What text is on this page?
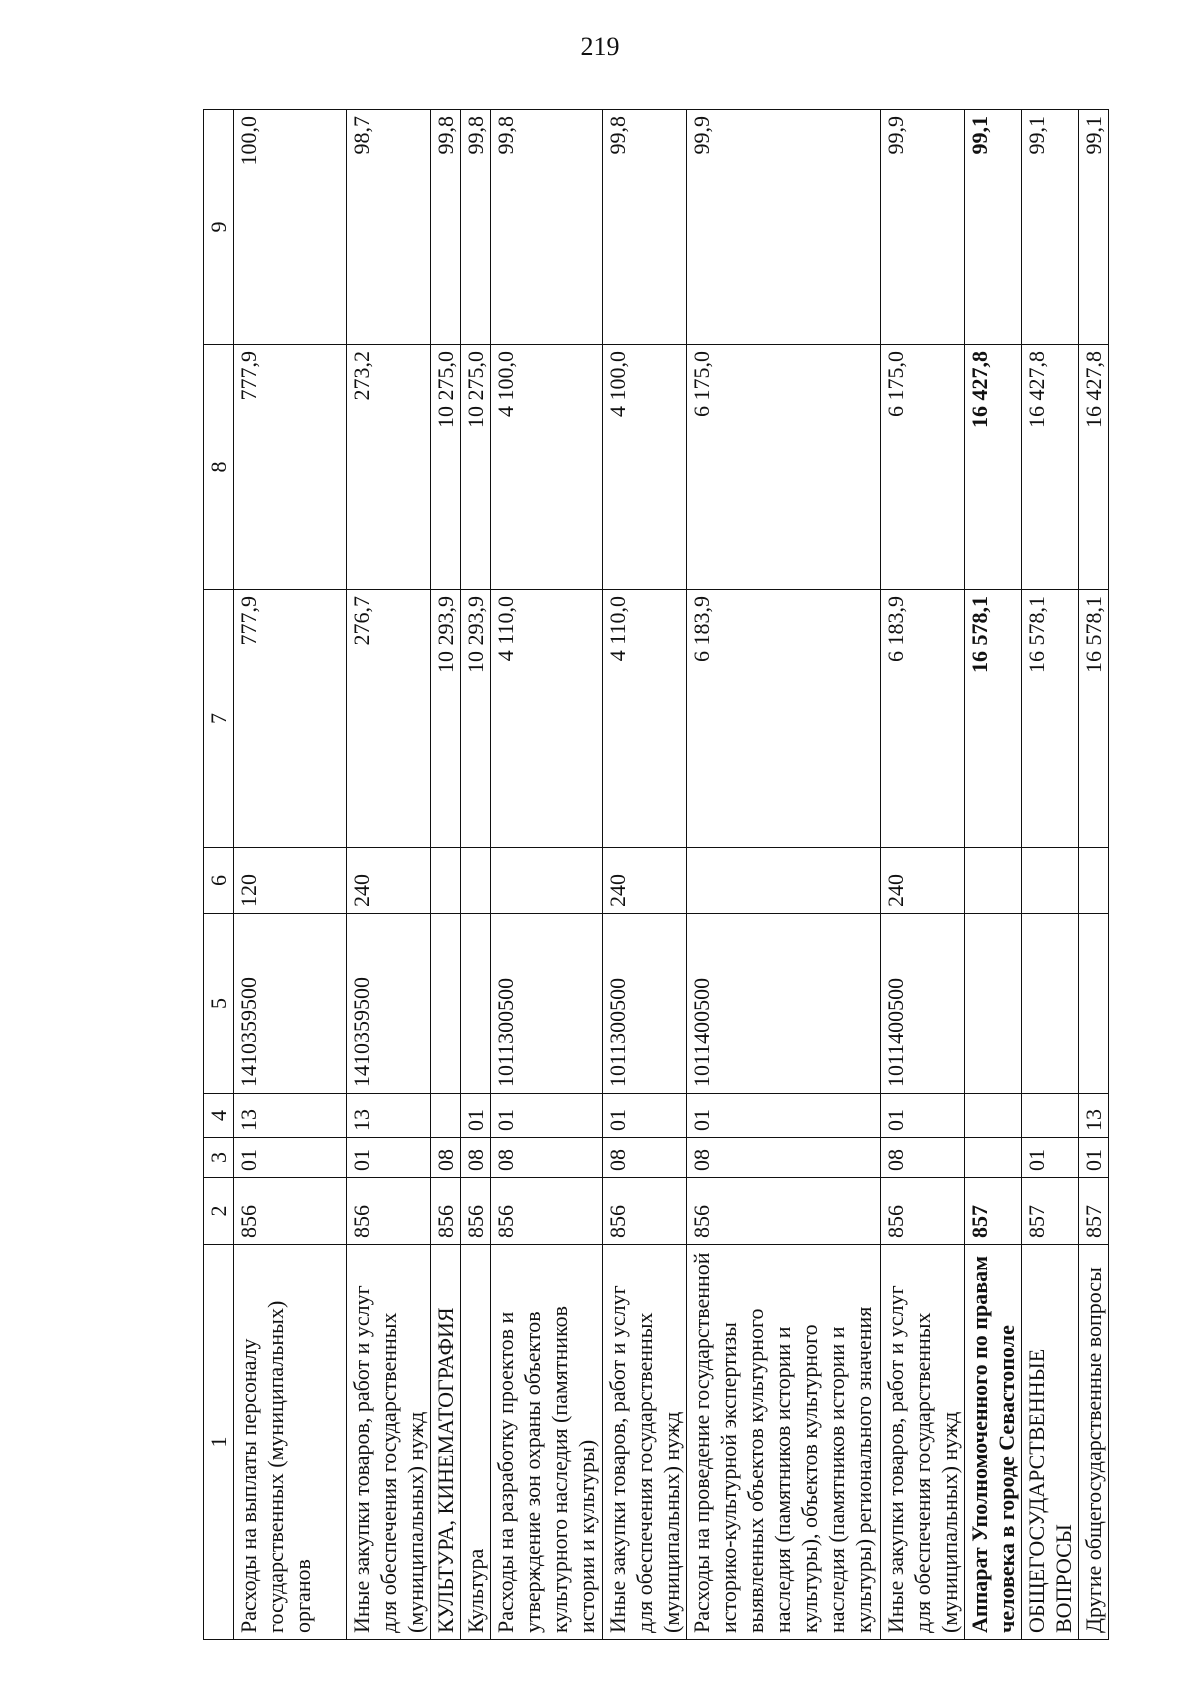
219
1	2	3	4	5	6	7	8	9
Расходы на выплаты персоналу государственных (муниципальных) органов	856	01	13	1410359500	120	777,9	777,9	100,0
Иные закупки товаров, работ и услуг для обеспечения государственных (муниципальных) нужд	856	01	13	1410359500	240	276,7	273,2	98,7
КУЛЬТУРА, КИНЕМАТОГРАФИЯ	856	08				10 293,9	10 275,0	99,8
Культура	856	08	01			10 293,9	10 275,0	99,8
Расходы на разработку проектов и утверждение зон охраны объектов культурного наследия (памятников истории и культуры)	856	08	01	1011300500		4 110,0	4 100,0	99,8
Иные закупки товаров, работ и услуг для обеспечения государственных (муниципальных) нужд	856	08	01	1011300500	240	4 110,0	4 100,0	99,8
Расходы на проведение государственной историко-культурной экспертизы выявленных объектов культурного наследия (памятников истории и культуры), объектов культурного наследия (памятников истории и культуры) регионального значения	856	08	01	1011400500		6 183,9	6 175,0	99,9
Иные закупки товаров, работ и услуг для обеспечения государственных (муниципальных) нужд	856	08	01	1011400500	240	6 183,9	6 175,0	99,9
Аппарат Уполномоченного по правам человека в городе Севастополе	857					16 578,1	16 427,8	99,1
ОБЩЕГОСУДАРСТВЕННЫЕ ВОПРОСЫ	857	01				16 578,1	16 427,8	99,1
Другие общегосударственные вопросы	857	01	13			16 578,1	16 427,8	99,1
